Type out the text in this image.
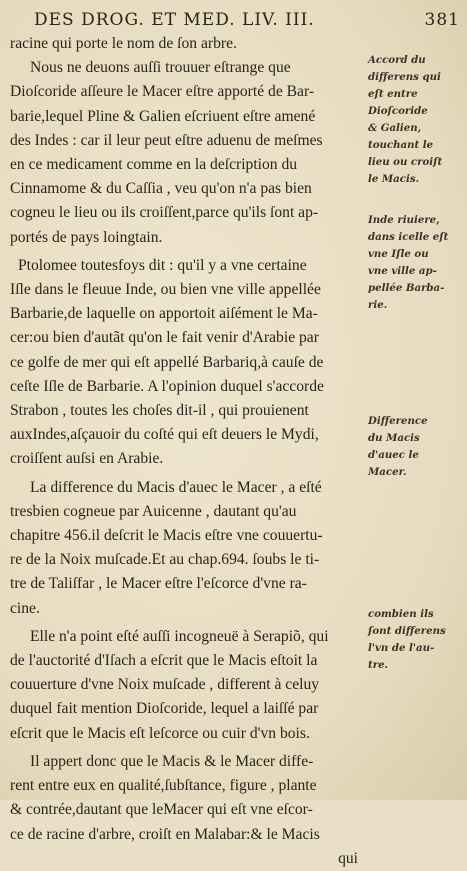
DES DROG. ET MED. LIV. III.	381
racine qui porte le nom de ſon arbre.
Nous ne deuons auſſi trouuer eſtrange que
Dioſcoride aſſeure le Macer eſtre apporté de Bar-
barie,lequel Pline & Galien eſcriuent eſtre amené
des Indes : car il leur peut eſtre aduenu de meſmes
en ce medicament comme en la deſcription du
Cinnamome & du Caſſia , veu qu'on n'a pas bien
cogneu le lieu ou ils croiſſent,parce qu'ils ſont ap-
portés de pays loingtain.
Ptolomee toutesfoys dit : qu'il y a vne certaine
Iſle dans le fleuue Inde, ou bien vne ville appellée
Barbarie,de laquelle on apportoit aiſément le Ma-
cer:ou bien d'autãt qu'on le fait venir d'Arabie par
ce golfe de mer qui eſt appellé Barbariq,à cauſe de
ceſte Iſle de Barbarie. A l'opinion duquel s'accorde
Strabon , toutes les choſes dit-il , qui prouienent
auxIndes,aſçauoir du coſté qui eſt deuers le Mydi,
croiſſent auſsi en Arabie.
La difference du Macis d'auec le Macer , a eſté
tresbien cogneue par Auicenne , dautant qu'au
chapitre 456.il deſcrit le Macis eſtre vne couuertu-
re de la Noix muſcade.Et au chap.694. ſoubs le ti-
tre de Taliſfar , le Macer eſtre l'eſcorce d'vne ra-
cine.
Elle n'a point eſté auſſi incogneuë à Serapiõ, qui
de l'auctorité d'Iſach a eſcrit que le Macis eſtoit la
couuerture d'vne Noix muſcade , different à celuy
duquel fait mention Dioſcoride, lequel a laiſſé par
eſcrit que le Macis eſt leſcorce ou cuir d'vn bois.
Il appert donc que le Macis & le Macer diffe-
rent entre eux en qualité,ſubſtance, figure , plante
& contrée,dautant que leMacer qui eſt vne eſcor-
ce de racine d'arbre, croiſt en Malabar:& le Macis
qui
Accord du
differens qui
eſt entre
Dioſcoride
& Galien,
touchant le
lieu ou croiſt
le Macis.
Inde riuiere,
dans icelle eſt
vne Iſle ou
vne ville ap-
pellée Barba-
rie.
Difference
du Macis
d'auec le
Macer.
combien ils
ſont differens
l'vn de l'au-
tre.
